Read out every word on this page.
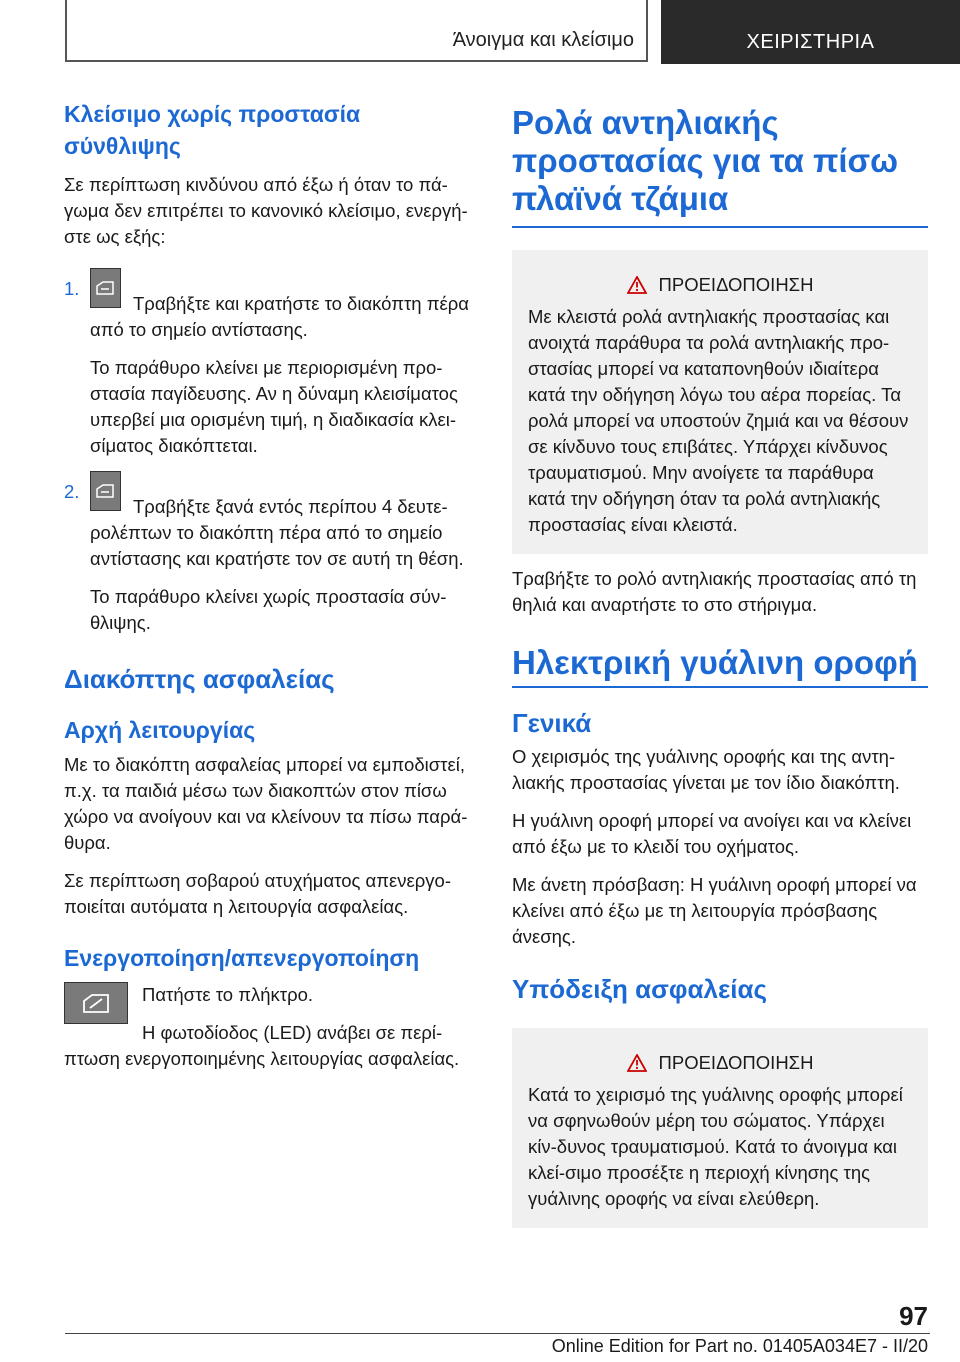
Άνοιγμα και κλείσιμο	ΧΕΙΡΙΣΤΗΡΙΑ
Κλείσιμο χωρίς προστασία σύνθλιψης

Σε περίπτωση κινδύνου από έξω ή όταν το πά-γωμα δεν επιτρέπει το κανονικό κλείσιμο, ενεργή-στε ως εξής:

1.

Τραβήξτε και κρατήστε το διακόπτη πέρα από το σημείο αντίστασης.

Το παράθυρο κλείνει με περιορισμένη προ-στασία παγίδευσης. Αν η δύναμη κλεισίματος υπερβεί μια ορισμένη τιμή, η διαδικασία κλει-σίματος διακόπτεται.

2.

Τραβήξτε ξανά εντός περίπου 4 δευτε-ρολέπτων το διακόπτη πέρα από το σημείο αντίστασης και κρατήστε τον σε αυτή τη θέση.

Το παράθυρο κλείνει χωρίς προστασία σύν-θλιψης.

Διακόπτης ασφαλείας
Αρχή λειτουργίας

Με το διακόπτη ασφαλείας μπορεί να εμποδιστεί, π.χ. τα παιδιά μέσω των διακοπτών στον πίσω χώρο να ανοίγουν και να κλείνουν τα πίσω παρά-θυρα.

Σε περίπτωση σοβαρού ατυχήματος απενεργο-ποιείται αυτόματα η λειτουργία ασφαλείας.

Ενεργοποίηση/απενεργοποίηση

Πατήστε το πλήκτρο.

Η φωτοδίοδος (LED) ανάβει σε περί-πτωση ενεργοποιημένης λειτουργίας ασφαλείας.

Ρολά αντηλιακής προστασίας για τα πίσω πλαϊνά τζάμια
ΠΡΟΕΙΔΟΠΟΙΗΣΗ

Με κλειστά ρολά αντηλιακής προστασίας και ανοιχτά παράθυρα τα ρολά αντηλιακής προ-στασίας μπορεί να καταπονηθούν ιδιαίτερα κατά την οδήγηση λόγω του αέρα πορείας. Τα ρολά μπορεί να υποστούν ζημιά και να θέσουν σε κίνδυνο τους επιβάτες. Υπάρχει κίνδυνος τραυματισμού. Μην ανοίγετε τα παράθυρα κατά την οδήγηση όταν τα ρολά αντηλιακής προστασίας είναι κλειστά.

Τραβήξτε το ρολό αντηλιακής προστασίας από τη θηλιά και αναρτήστε το στο στήριγμα.

Ηλεκτρική γυάλινη οροφή
Γενικά

Ο χειρισμός της γυάλινης οροφής και της αντη-λιακής προστασίας γίνεται με τον ίδιο διακόπτη.

Η γυάλινη οροφή μπορεί να ανοίγει και να κλείνει από έξω με το κλειδί του οχήματος.

Με άνετη πρόσβαση: Η γυάλινη οροφή μπορεί να κλείνει από έξω με τη λειτουργία πρόσβασης άνεσης.

Υπόδειξη ασφαλείας
ΠΡΟΕΙΔΟΠΟΙΗΣΗ

Κατά το χειρισμό της γυάλινης οροφής μπορεί να σφηνωθούν μέρη του σώματος. Υπάρχει κίν-δυνος τραυματισμού. Κατά το άνοιγμα και κλεί-σιμο προσέξτε η περιοχή κίνησης της γυάλινης οροφής να είναι ελεύθερη.

97
Online Edition for Part no. 01405A034E7 - II/20
